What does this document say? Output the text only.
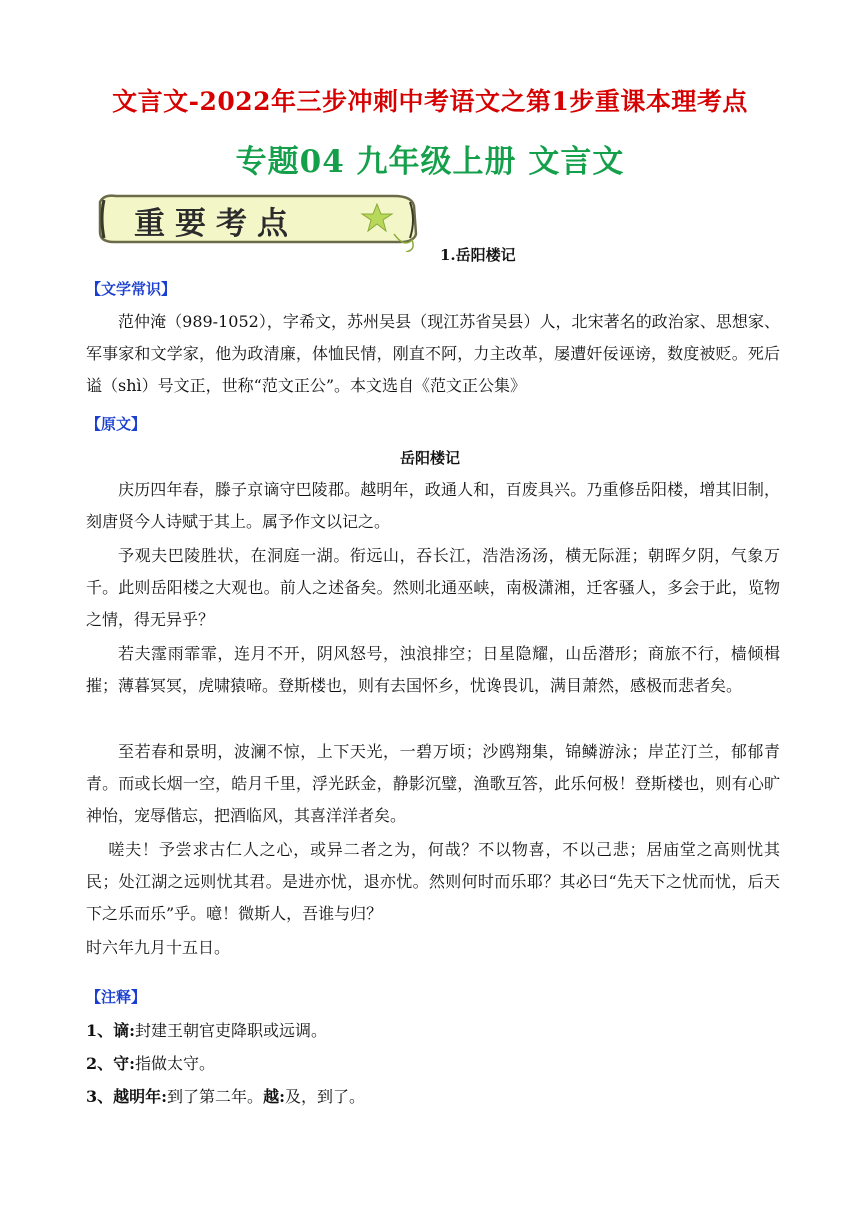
文言文-2022年三步冲刺中考语文之第1步重课本理考点
专题04 九年级上册 文言文
重要考点
1.岳阳楼记
【文学常识】

范仲淹（989-1052），字希文，苏州吴县（现江苏省吴县）人，北宋著名的政治家、思想家、军事家和文学家，他为政清廉，体恤民情，刚直不阿，力主改革，屡遭奸佞诬谤，数度被贬。死后谥（shì）号文正，世称“范文正公”。本文选自《范文正公集》

【原文】
岳阳楼记

庆历四年春，滕子京谪守巴陵郡。越明年，政通人和，百废具兴。乃重修岳阳楼，增其旧制，刻唐贤今人诗赋于其上。属予作文以记之。

予观夫巴陵胜状，在洞庭一湖。衔远山，吞长江，浩浩汤汤，横无际涯；朝晖夕阴，气象万千。此则岳阳楼之大观也。前人之述备矣。然则北通巫峡，南极潇湘，迁客骚人，多会于此，览物之情，得无异乎？

若夫霪雨霏霏，连月不开，阴风怒号，浊浪排空；日星隐耀，山岳潜形；商旅不行，樯倾楫摧；薄暮冥冥，虎啸猿啼。登斯楼也，则有去国怀乡，忧谗畏讥，满目萧然，感极而悲者矣。

至若春和景明，波澜不惊，上下天光，一碧万顷；沙鸥翔集，锦鳞游泳；岸芷汀兰，郁郁青青。而或长烟一空，皓月千里，浮光跃金，静影沉璧，渔歌互答，此乐何极！登斯楼也，则有心旷神怡，宠辱偕忘，把酒临风，其喜洋洋者矣。

嗟夫！予尝求古仁人之心，或异二者之为，何哉？不以物喜，不以己悲；居庙堂之高则忧其民；处江湖之远则忧其君。是进亦忧，退亦忧。然则何时而乐耶？其必曰“先天下之忧而忧，后天下之乐而乐”乎。噫！微斯人，吾谁与归？

时六年九月十五日。

【注释】
1、谪:封建王朝官吏降职或远调。
2、守:指做太守。
3、越明年:到了第二年。越:及，到了。
